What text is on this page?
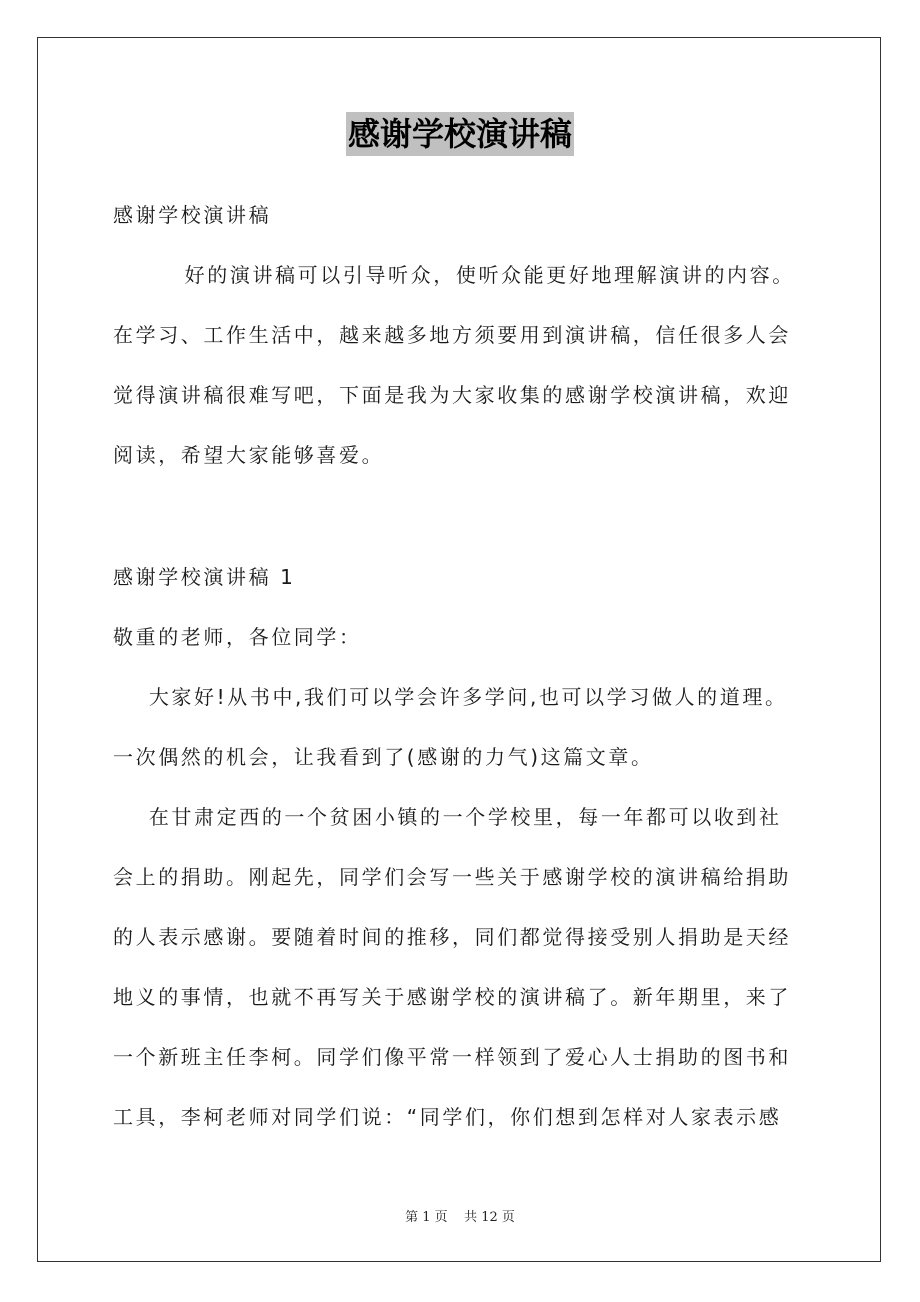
感谢学校演讲稿
感谢学校演讲稿
好的演讲稿可以引导听众，使听众能更好地理解演讲的内容。
在学习、工作生活中，越来越多地方须要用到演讲稿，信任很多人会
觉得演讲稿很难写吧，下面是我为大家收集的感谢学校演讲稿，欢迎
阅读，希望大家能够喜爱。
感谢学校演讲稿 1
敬重的老师，各位同学：
大家好!从书中,我们可以学会许多学问,也可以学习做人的道理。
一次偶然的机会，让我看到了(感谢的力气)这篇文章。
在甘肃定西的一个贫困小镇的一个学校里，每一年都可以收到社
会上的捐助。刚起先，同学们会写一些关于感谢学校的演讲稿给捐助
的人表示感谢。要随着时间的推移，同们都觉得接受别人捐助是天经
地义的事情，也就不再写关于感谢学校的演讲稿了。新年期里，来了
一个新班主任李柯。同学们像平常一样领到了爱心人士捐助的图书和
工具，李柯老师对同学们说：“同学们，你们想到怎样对人家表示感
第 1 页    共 12 页
